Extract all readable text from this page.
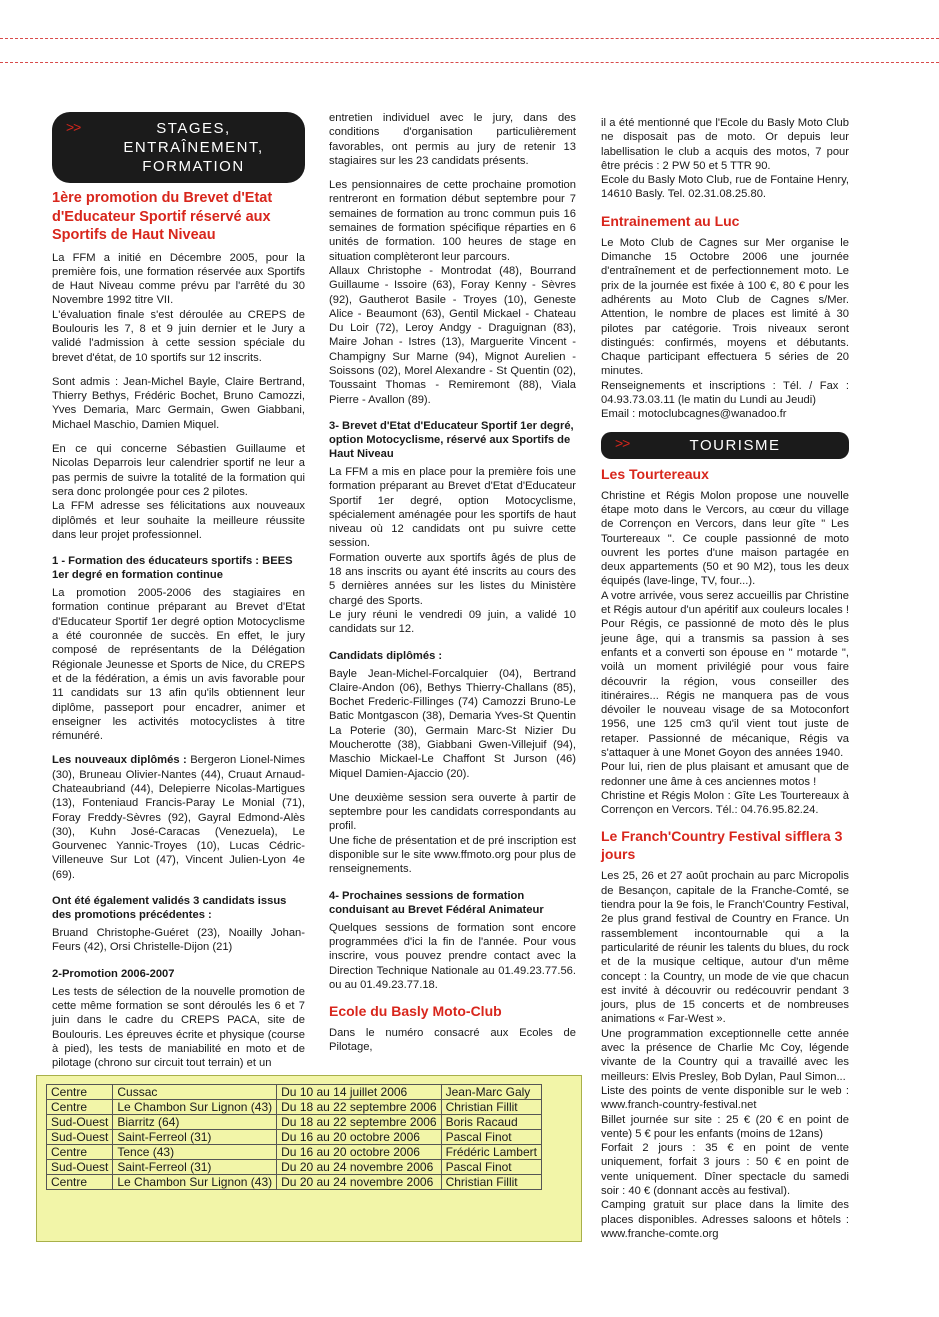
>>	STAGES,
ENTRAÎNEMENT,
FORMATION
1ère promotion du Brevet d'Etat d'Educateur Sportif réservé aux Sportifs de Haut Niveau

La FFM a initié en Décembre 2005, pour la première fois, une formation réservée aux Sportifs de Haut Niveau comme prévu par l'arrêté du 30 Novembre 1992 titre VII.
L'évaluation finale s'est déroulée au CREPS de Boulouris les 7, 8 et 9 juin dernier et le Jury a validé l'admission à cette session spéciale du brevet d'état, de 10 sportifs sur 12 inscrits.

Sont admis : Jean-Michel Bayle, Claire Bertrand, Thierry Bethys, Frédéric Bochet, Bruno Camozzi, Yves Demaria, Marc Germain, Gwen Giabbani, Michael Maschio, Damien Miquel.

En ce qui concerne Sébastien Guillaume et Nicolas Deparrois leur calendrier sportif ne leur a pas permis de suivre la totalité de la formation qui sera donc prolongée pour ces 2 pilotes.
La FFM adresse ses félicitations aux nouveaux diplômés et leur souhaite la meilleure réussite dans leur projet professionnel.

1 - Formation des éducateurs sportifs : BEES 1er degré en formation continue

La promotion 2005-2006 des stagiaires en formation continue préparant au Brevet d'Etat d'Educateur Sportif 1er degré option Motocyclisme a été couronnée de succès. En effet, le jury composé de représentants de la Délégation Régionale Jeunesse et Sports de Nice, du CREPS et de la fédération, a émis un avis favorable pour 11 candidats sur 13 afin qu'ils obtiennent leur diplôme, passeport pour encadrer, animer et enseigner les activités motocyclistes à titre rémunéré.

Les nouveaux diplômés : Bergeron Lionel-Nimes (30), Bruneau Olivier-Nantes (44), Cruaut Arnaud-Chateaubriand (44), Delepierre Nicolas-Martigues (13), Fonteniaud Francis-Paray Le Monial (71), Foray Freddy-Sèvres (92), Gayral Edmond-Alès (30), Kuhn José-Caracas (Venezuela), Le Gourvenec Yannic-Troyes (10), Lucas Cédric-Villeneuve Sur Lot (47), Vincent Julien-Lyon 4e (69).

Ont été également validés 3 candidats issus des promotions précédentes :

Bruand Christophe-Guéret (23), Noailly Johan-Feurs (42), Orsi Christelle-Dijon (21)

2-Promotion 2006-2007

Les tests de sélection de la nouvelle promotion de cette même formation se sont déroulés les 6 et 7 juin dans le cadre du CREPS PACA, site de Boulouris. Les épreuves écrite et physique (course à pied), les tests de maniabilité en moto et de pilotage (chrono sur circuit tout terrain) et un

entretien individuel avec le jury, dans des conditions d'organisation particulièrement favorables, ont permis au jury de retenir 13 stagiaires sur les 23 candidats présents.

Les pensionnaires de cette prochaine promotion rentreront en formation début septembre pour 7 semaines de formation au tronc commun puis 16 semaines de formation spécifique réparties en 6 unités de formation. 100 heures de stage en situation complèteront leur parcours.
Allaux Christophe - Montrodat (48), Bourrand Guillaume - Issoire (63), Foray Kenny - Sèvres (92), Gautherot Basile - Troyes (10), Geneste Alice - Beaumont (63), Gentil Mickael - Chateau Du Loir (72), Leroy Andgy - Draguignan (83), Maire Johan - Istres (13), Marguerite Vincent - Champigny Sur Marne (94), Mignot Aurelien - Soissons (02), Morel Alexandre - St Quentin (02), Toussaint Thomas - Remiremont (88), Viala Pierre - Avallon (89).

3- Brevet d'Etat d'Educateur Sportif 1er degré, option Motocyclisme, réservé aux Sportifs de Haut Niveau

La FFM a mis en place pour la première fois une formation préparant au Brevet d'Etat d'Educateur Sportif 1er degré, option Motocyclisme, spécialement aménagée pour les sportifs de haut niveau où 12 candidats ont pu suivre cette session.
Formation ouverte aux sportifs âgés de plus de 18 ans inscrits ou ayant été inscrits au cours des 5 dernières années sur les listes du Ministère chargé des Sports.
Le jury réuni le vendredi 09 juin, a validé 10 candidats sur 12.

Candidats diplômés :

Bayle Jean-Michel-Forcalquier (04), Bertrand Claire-Andon (06), Bethys Thierry-Challans (85), Bochet Frederic-Fillinges (74) Camozzi Bruno-Le Batic Montgascon (38), Demaria Yves-St Quentin La Poterie (30), Germain Marc-St Nizier Du Moucherotte (38), Giabbani Gwen-Villejuif (94), Maschio Mickael-Le Chaffont St Jurson (46) Miquel Damien-Ajaccio (20).

Une deuxième session sera ouverte à partir de septembre pour les candidats correspondants au profil.
Une fiche de présentation et de pré inscription est disponible sur le site www.ffmoto.org pour plus de renseignements.

4- Prochaines sessions de formation conduisant au Brevet Fédéral Animateur

Quelques sessions de formation sont encore programmées d'ici la fin de l'année. Pour vous inscrire, vous pouvez prendre contact avec la Direction Technique Nationale au 01.49.23.77.56. ou au 01.49.23.77.18.

Ecole du Basly Moto-Club

Dans le numéro consacré aux Ecoles de Pilotage,

il a été mentionné que l'Ecole du Basly Moto Club ne disposait pas de moto. Or depuis leur labellisation le club a acquis des motos, 7 pour être précis : 2 PW 50 et 5 TTR 90.
Ecole du Basly Moto Club, rue de Fontaine Henry, 14610 Basly. Tel. 02.31.08.25.80.

Entrainement au Luc

Le Moto Club de Cagnes sur Mer organise le Dimanche 15 Octobre 2006 une journée d'entraînement et de perfectionnement moto. Le prix de la journée est fixée à 100 €, 80 € pour les adhérents au Moto Club de Cagnes s/Mer. Attention, le nombre de places est limité à 30 pilotes par catégorie. Trois niveaux seront distingués: confirmés, moyens et débutants. Chaque participant effectuera 5 séries de 20 minutes.
Renseignements et inscriptions : Tél. / Fax : 04.93.73.03.11 (le matin du Lundi au Jeudi)
Email : motoclubcagnes@wanadoo.fr

>>	TOURISME
Les Tourtereaux

Christine et Régis Molon propose une nouvelle étape moto dans le Vercors, au cœur du village de Corrençon en Vercors, dans leur gîte " Les Tourtereaux ". Ce couple passionné de moto ouvrent les portes d'une maison partagée en deux appartements (50 et 90 M2), tous les deux équipés (lave-linge, TV, four...).
A votre arrivée, vous serez accueillis par Christine et Régis autour d'un apéritif aux couleurs locales ! Pour Régis, ce passionné de moto dès le plus jeune âge, qui a transmis sa passion à ses enfants et a converti son épouse en " motarde ", voilà un moment privilégié pour vous faire découvrir la région, vous conseiller des itinéraires... Régis ne manquera pas de vous dévoiler le nouveau visage de sa Motoconfort 1956, une 125 cm3 qu'il vient tout juste de retaper. Passionné de mécanique, Régis va s'attaquer à une Monet Goyon des années 1940.
Pour lui, rien de plus plaisant et amusant que de redonner une âme à ces anciennes motos !
Christine et Régis Molon : Gîte Les Tourtereaux à Corrençon en Vercors. Tél.: 04.76.95.82.24.

Le Franch'Country Festival sifflera 3 jours

Les 25, 26 et 27 août prochain au parc Micropolis de Besançon, capitale de la Franche-Comté, se tiendra pour la 9e fois, le Franch'Country Festival, 2e plus grand festival de Country en France. Un rassemblement incontournable qui a la particularité de réunir les talents du blues, du rock et de la musique celtique, autour d'un même concept : la Country, un mode de vie que chacun est invité à découvrir ou redécouvrir pendant 3 jours, plus de 15 concerts et de nombreuses animations « Far-West ».
Une programmation exceptionnelle cette année avec la présence de Charlie Mc Coy, légende vivante de la Country qui a travaillé avec les meilleurs: Elvis Presley, Bob Dylan, Paul Simon...
Liste des points de vente disponible sur le web : www.franch-country-festival.net
Billet journée sur site : 25 € (20 € en point de vente) 5 € pour les enfants (moins de 12ans)
Forfait 2 jours : 35 € en point de vente uniquement, forfait 3 jours : 50 € en point de vente uniquement. Dîner spectacle du samedi soir : 40 € (donnant accès au festival).
Camping gratuit sur place dans la limite des places disponibles. Adresses saloons et hôtels : www.franche-comte.org

Centre	Cussac	Du 10 au 14 juillet 2006	Jean-Marc Galy
Centre	Le Chambon Sur Lignon (43)	Du 18 au 22 septembre 2006	Christian Fillit
Sud-Ouest	Biarritz (64)	Du 18 au 22 septembre 2006	Boris Racaud
Sud-Ouest	Saint-Ferreol (31)	Du 16 au 20 octobre 2006	Pascal Finot
Centre	Tence (43)	Du 16 au 20 octobre 2006	Frédéric Lambert
Sud-Ouest	Saint-Ferreol (31)	Du 20 au 24 novembre 2006	Pascal Finot
Centre	Le Chambon Sur Lignon (43)	Du 20 au 24 novembre 2006	Christian Fillit
